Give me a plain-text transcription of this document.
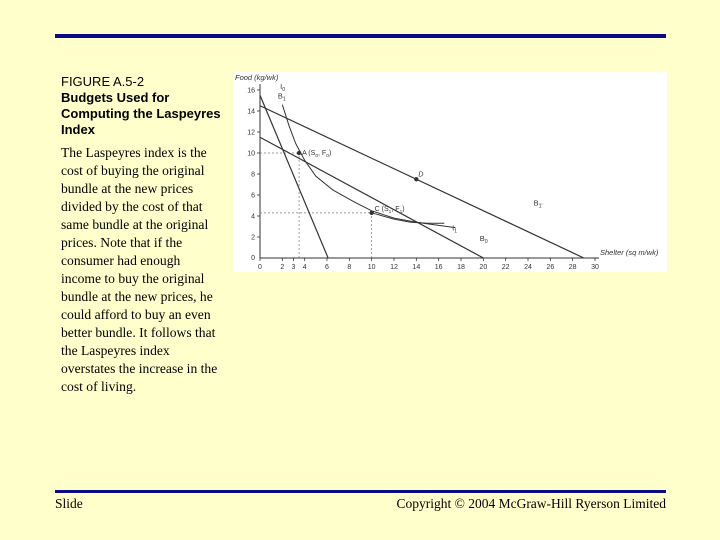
FIGURE A.5-2
Budgets Used for Computing the Laspeyres Index

The Laspeyres index is the cost of buying the original bundle at the new prices divided by the cost of that same bundle at the original prices. Note that if the consumer had enough income to buy the original bundle at the new prices, he could afford to buy an even better bundle. It follows that the Laspeyres index overstates the increase in the cost of living.

Food (kg/wk)
Shelter (sq m/wk)
0	2 3 4	6	8 10 12 14 16 18 20 22 24 26 28 30
2
4
6
8
10
12
14
16
0
$B_0$
$B_1$
$B_{1'}$
$I_0$
$I_1$
A ($S_0$, $F_0$)
C ($S_1$, $F_1$)
D
Slide	Copyright © 2004 McGraw-Hill Ryerson Limited
